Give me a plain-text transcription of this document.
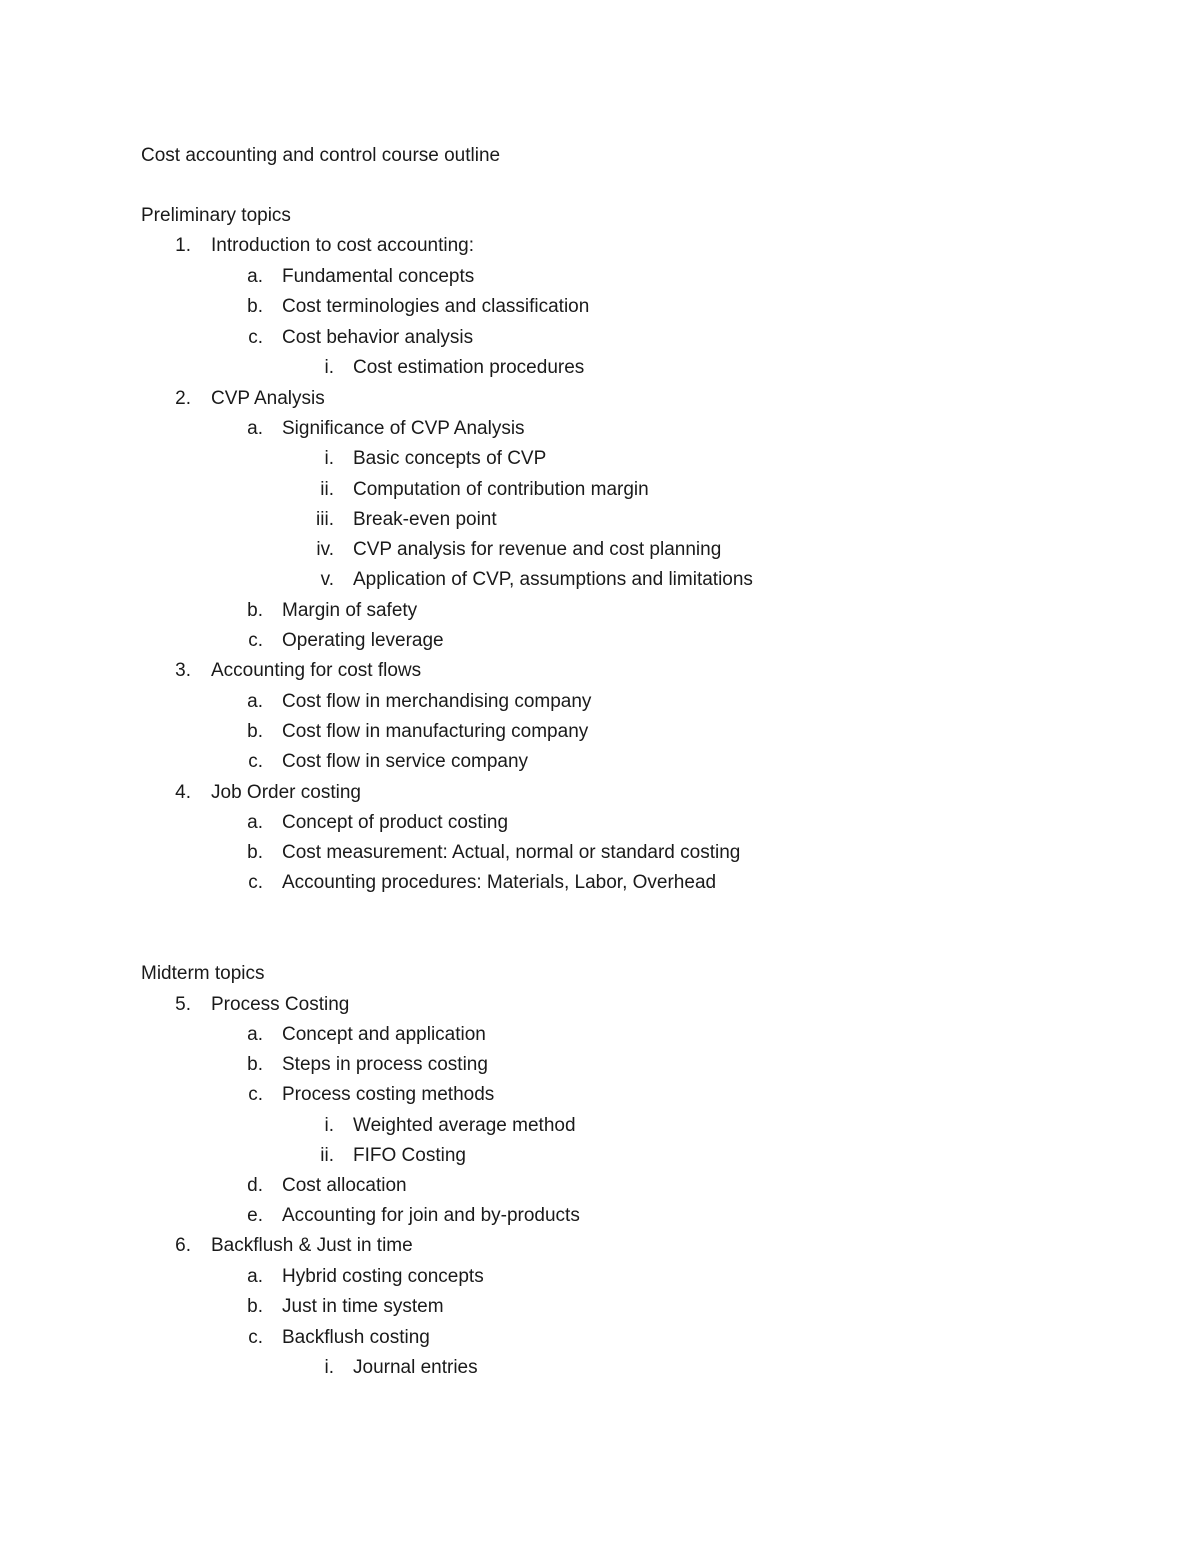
Cost accounting and control course outline
Preliminary topics
1. Introduction to cost accounting:
a. Fundamental concepts
b. Cost terminologies and classification
c. Cost behavior analysis
i. Cost estimation procedures
2. CVP Analysis
a. Significance of CVP Analysis
i. Basic concepts of CVP
ii. Computation of contribution margin
iii. Break-even point
iv. CVP analysis for revenue and cost planning
v. Application of CVP, assumptions and limitations
b. Margin of safety
c. Operating leverage
3. Accounting for cost flows
a. Cost flow in merchandising company
b. Cost flow in manufacturing company
c. Cost flow in service company
4. Job Order costing
a. Concept of product costing
b. Cost measurement: Actual, normal or standard costing
c. Accounting procedures: Materials, Labor, Overhead
Midterm topics
5. Process Costing
a. Concept and application
b. Steps in process costing
c. Process costing methods
i. Weighted average method
ii. FIFO Costing
d. Cost allocation
e. Accounting for join and by-products
6. Backflush & Just in time
a. Hybrid costing concepts
b. Just in time system
c. Backflush costing
i. Journal entries
